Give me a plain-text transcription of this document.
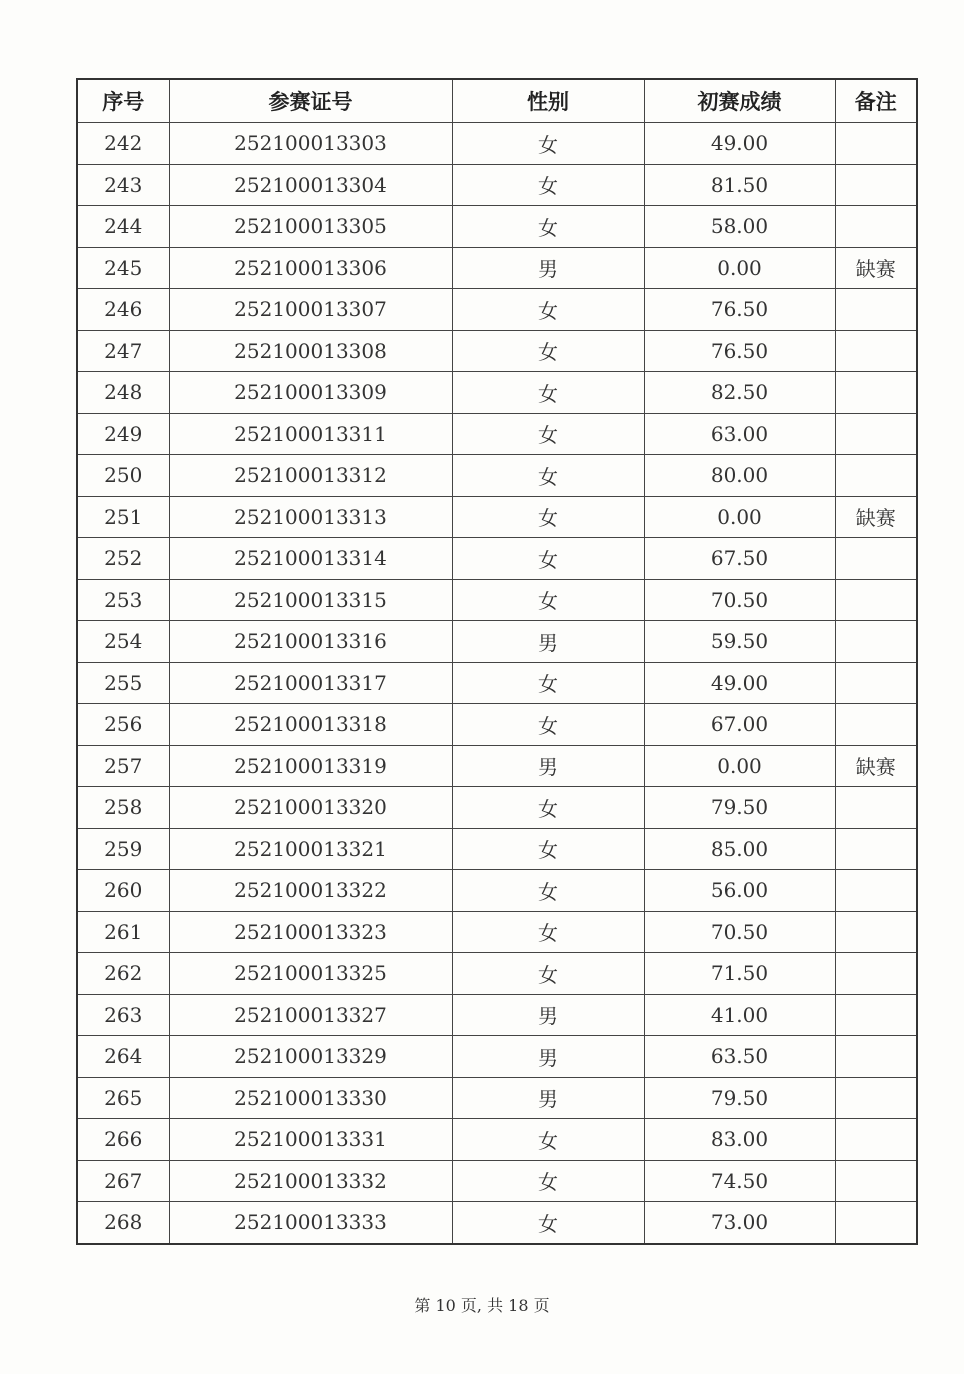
序号	参赛证号	性别	初赛成绩	备注
242	252100013303	女	49.00	
243	252100013304	女	81.50	
244	252100013305	女	58.00	
245	252100013306	男	0.00	缺赛
246	252100013307	女	76.50	
247	252100013308	女	76.50	
248	252100013309	女	82.50	
249	252100013311	女	63.00	
250	252100013312	女	80.00	
251	252100013313	女	0.00	缺赛
252	252100013314	女	67.50	
253	252100013315	女	70.50	
254	252100013316	男	59.50	
255	252100013317	女	49.00	
256	252100013318	女	67.00	
257	252100013319	男	0.00	缺赛
258	252100013320	女	79.50	
259	252100013321	女	85.00	
260	252100013322	女	56.00	
261	252100013323	女	70.50	
262	252100013325	女	71.50	
263	252100013327	男	41.00	
264	252100013329	男	63.50	
265	252100013330	男	79.50	
266	252100013331	女	83.00	
267	252100013332	女	74.50	
268	252100013333	女	73.00	
第 10 页, 共 18 页
